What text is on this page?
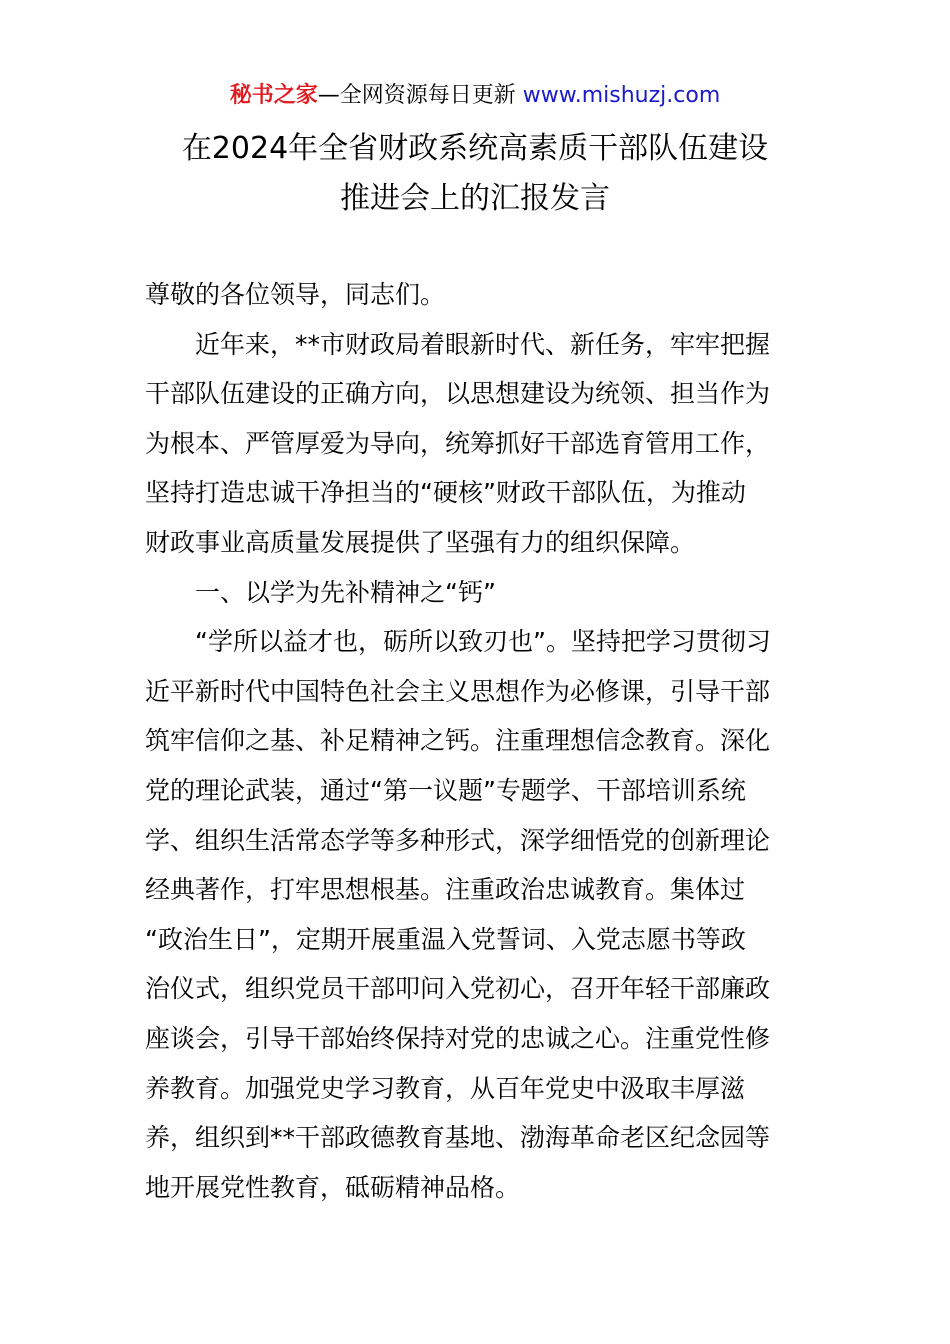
秘书之家—全网资源每日更新 www.mishuzj.com
在2024年全省财政系统高素质干部队伍建设
推进会上的汇报发言
尊敬的各位领导，同志们。
　　近年来，**市财政局着眼新时代、新任务，牢牢把握
干部队伍建设的正确方向，以思想建设为统领、担当作为
为根本、严管厚爱为导向，统筹抓好干部选育管用工作，
坚持打造忠诚干净担当的“硬核”财政干部队伍，为推动
财政事业高质量发展提供了坚强有力的组织保障。
　　一、以学为先补精神之“钙”
　　“学所以益才也，砺所以致刃也”。坚持把学习贯彻习
近平新时代中国特色社会主义思想作为必修课，引导干部
筑牢信仰之基、补足精神之钙。注重理想信念教育。深化
党的理论武装，通过“第一议题”专题学、干部培训系统
学、组织生活常态学等多种形式，深学细悟党的创新理论
经典著作，打牢思想根基。注重政治忠诚教育。集体过
“政治生日”，定期开展重温入党誓词、入党志愿书等政
治仪式，组织党员干部叩问入党初心，召开年轻干部廉政
座谈会，引导干部始终保持对党的忠诚之心。注重党性修
养教育。加强党史学习教育，从百年党史中汲取丰厚滋
养，组织到**干部政德教育基地、渤海革命老区纪念园等
地开展党性教育，砥砺精神品格。
